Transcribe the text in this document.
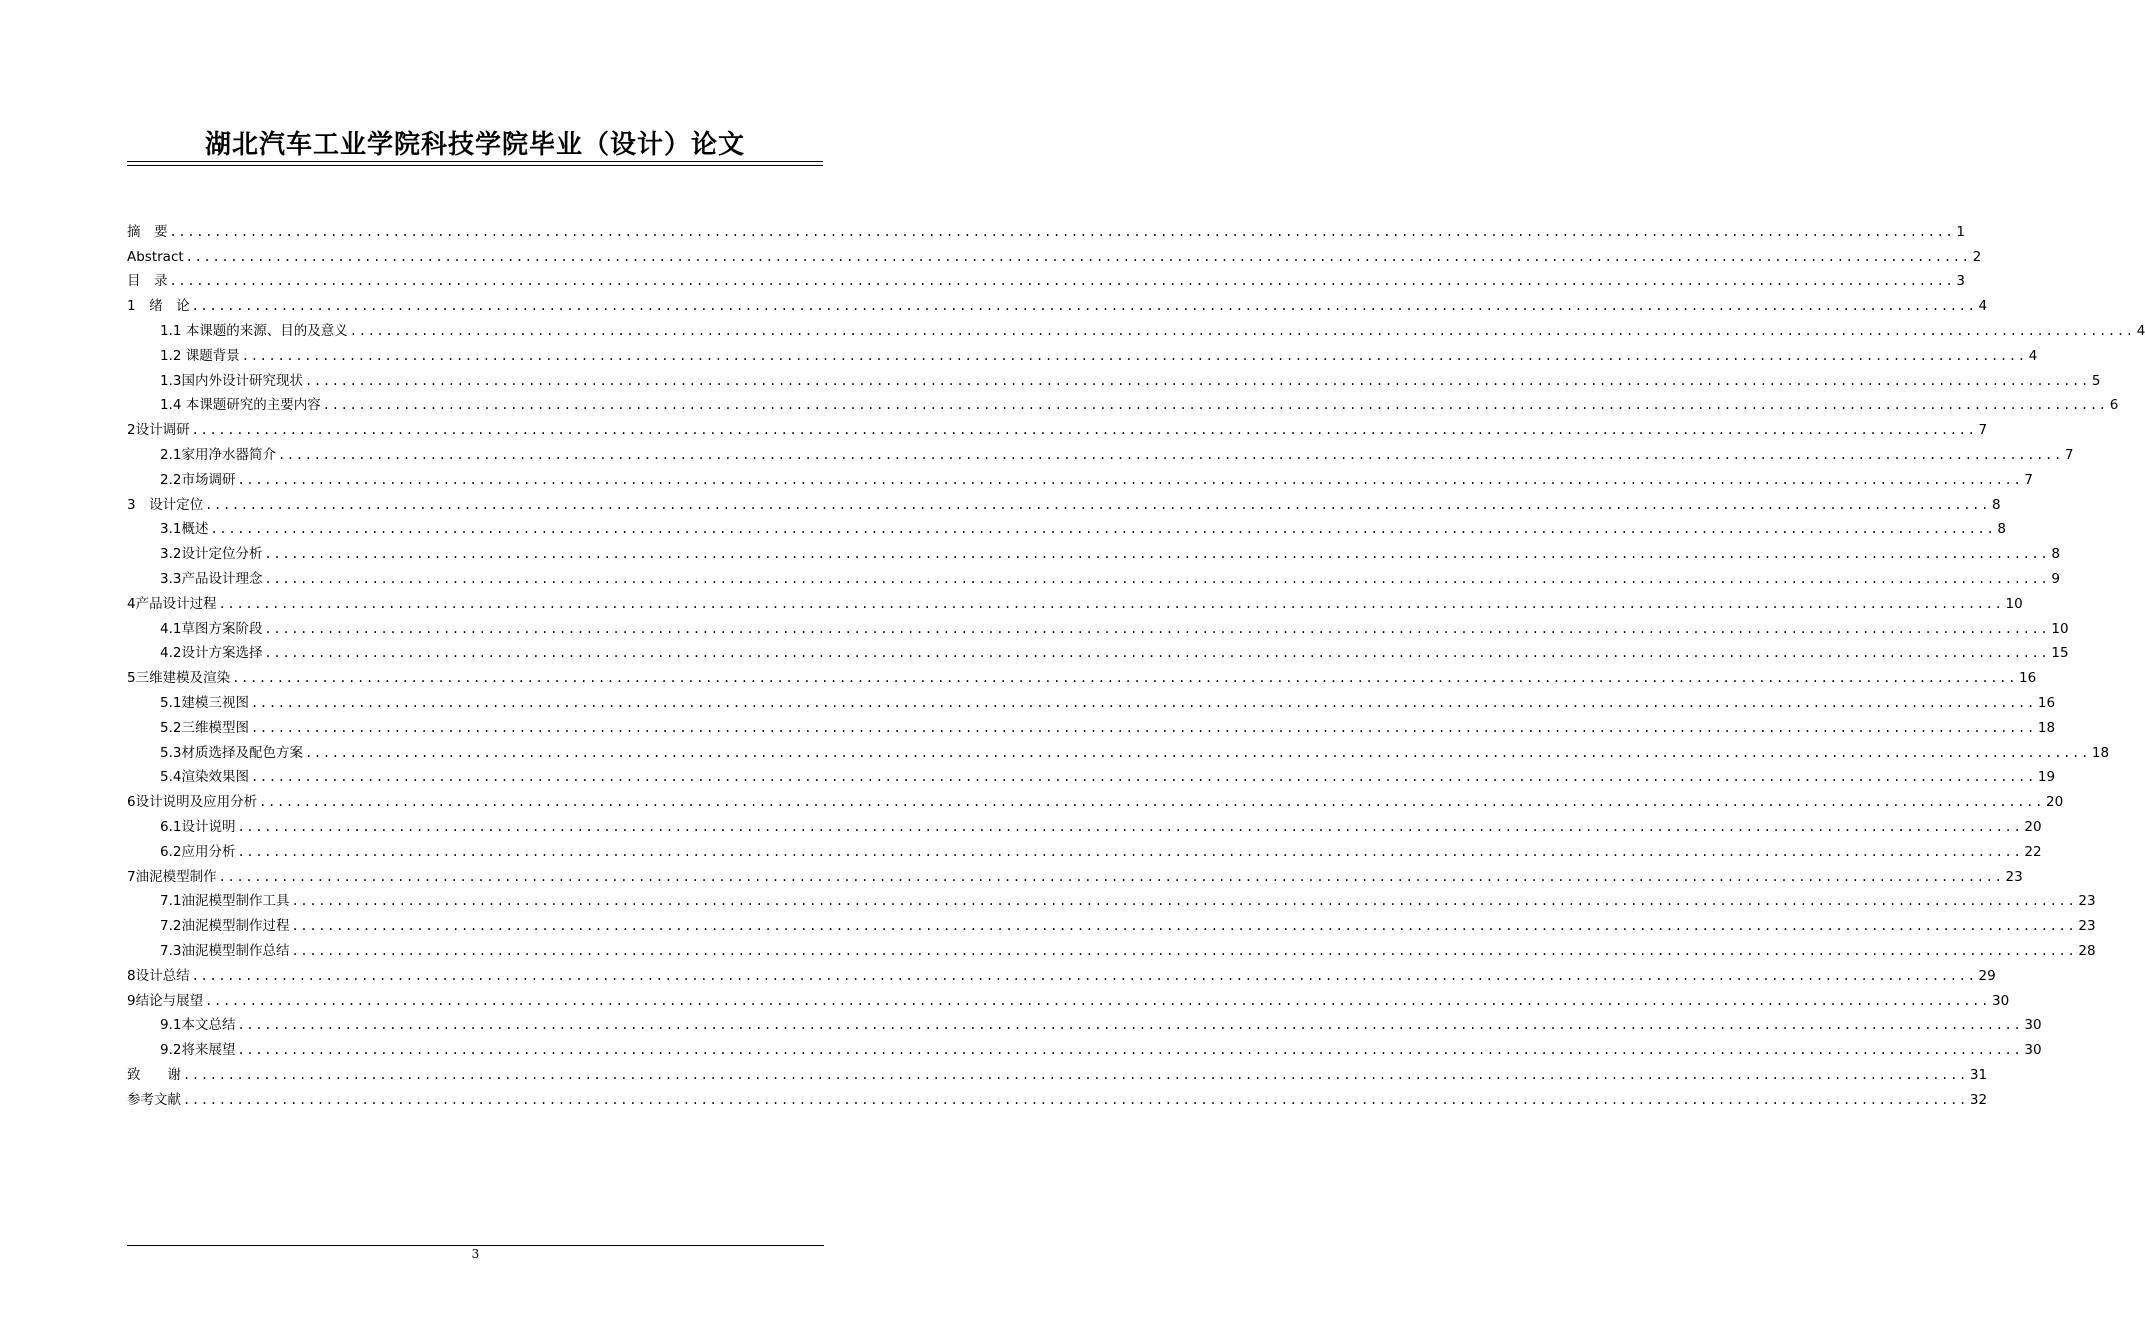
湖北汽车工业学院科技学院毕业（设计）论文
摘　要 ........................................................................................................................................................................................................ 1
Abstract ........................................................................................................................................................................................................ 2
目　录 ........................................................................................................................................................................................................ 3
1　绪　论 ........................................................................................................................................................................................................ 4
1.1 本课题的来源、目的及意义 ........................................................................................................................................................................................................ 4
1.2 课题背景 ........................................................................................................................................................................................................ 4
1.3国内外设计研究现状 ........................................................................................................................................................................................................ 5
1.4 本课题研究的主要内容 ........................................................................................................................................................................................................ 6
2设计调研 ........................................................................................................................................................................................................ 7
2.1家用净水器简介 ........................................................................................................................................................................................................ 7
2.2市场调研 ........................................................................................................................................................................................................ 7
3　设计定位 ........................................................................................................................................................................................................ 8
3.1概述 ........................................................................................................................................................................................................ 8
3.2设计定位分析 ........................................................................................................................................................................................................ 8
3.3产品设计理念 ........................................................................................................................................................................................................ 9
4产品设计过程 ........................................................................................................................................................................................................ 10
4.1草图方案阶段 ........................................................................................................................................................................................................ 10
4.2设计方案选择 ........................................................................................................................................................................................................ 15
5三维建模及渲染 ........................................................................................................................................................................................................ 16
5.1建模三视图 ........................................................................................................................................................................................................ 16
5.2三维模型图 ........................................................................................................................................................................................................ 18
5.3材质选择及配色方案 ........................................................................................................................................................................................................ 18
5.4渲染效果图 ........................................................................................................................................................................................................ 19
6设计说明及应用分析 ........................................................................................................................................................................................................ 20
6.1设计说明 ........................................................................................................................................................................................................ 20
6.2应用分析 ........................................................................................................................................................................................................ 22
7油泥模型制作 ........................................................................................................................................................................................................ 23
7.1油泥模型制作工具 ........................................................................................................................................................................................................ 23
7.2油泥模型制作过程 ........................................................................................................................................................................................................ 23
7.3油泥模型制作总结 ........................................................................................................................................................................................................ 28
8设计总结 ........................................................................................................................................................................................................ 29
9结论与展望 ........................................................................................................................................................................................................ 30
9.1本文总结 ........................................................................................................................................................................................................ 30
9.2将来展望 ........................................................................................................................................................................................................ 30
致　　谢 ........................................................................................................................................................................................................ 31
参考文献 ........................................................................................................................................................................................................ 32
3
